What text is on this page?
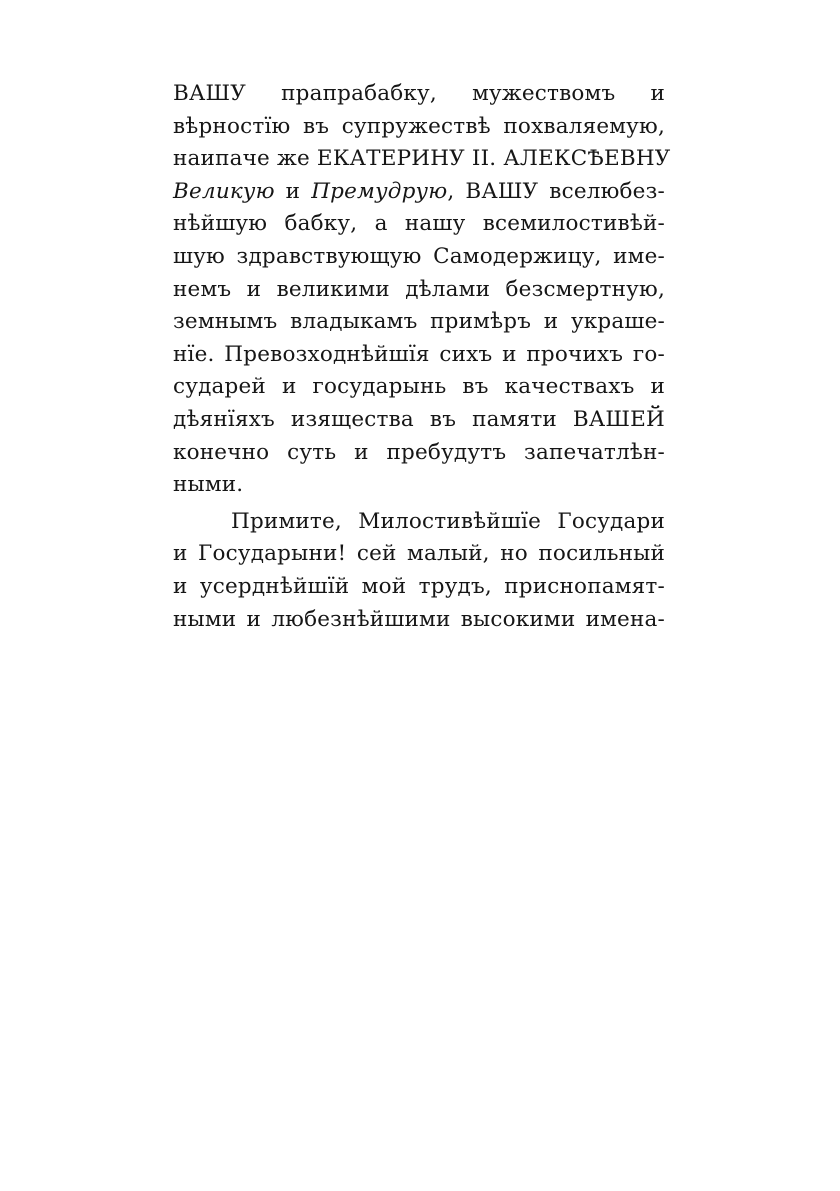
ВАШУ прапрабабку, мужествомъ и
вѣрностїю въ супружествѣ похваляемую,
наипаче же ЕКАТЕРИНУ II. АЛЕКСѢЕВНУ
Великую и Премудрую, ВАШУ вселюбез-
нѣйшую бабку, а нашу всемилостивѣй-
шую здравствующую Самодержицу, име-
немъ и великими дѣлами безсмертную,
земнымъ владыкамъ примѣръ и украше-
нїе. Превозходнѣйшїя сихъ и прочихъ го-
сударей и государынь въ качествахъ и
дѣянїяхъ изящества въ памяти ВАШЕЙ
конечно суть и пребудутъ запечатлѣн-
ными.
Примите, Милостивѣйшїе Государи
и Государыни! сей малый, но посильный
и усерднѣйшїй мой трудъ, приснопамят-
ными и любезнѣйшими высокими имена-
